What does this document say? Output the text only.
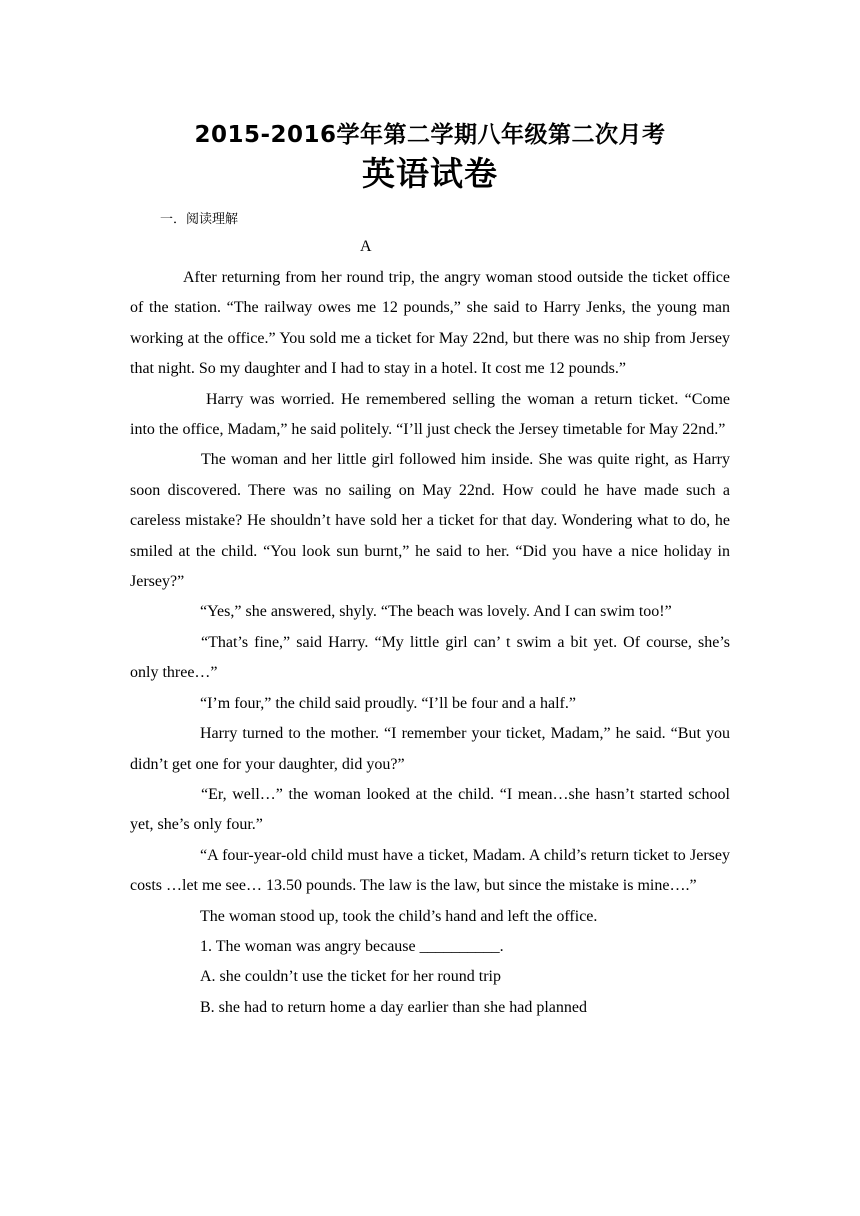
2015-2016学年第二学期八年级第二次月考
英语试卷
一．阅读理解
A

After returning from her round trip, the angry woman stood outside the ticket office of the station. “The railway owes me 12 pounds,” she said to Harry Jenks, the young man working at the office.” You sold me a ticket for May 22nd, but there was no ship from Jersey that night. So my daughter and I had to stay in a hotel. It cost me 12 pounds.”

Harry was worried. He remembered selling the woman a return ticket. “Come into the office, Madam,” he said politely. “I’ll just check the Jersey timetable for May 22nd.”

The woman and her little girl followed him inside. She was quite right, as Harry soon discovered. There was no sailing on May 22nd. How could he have made such a careless mistake? He shouldn’t have sold her a ticket for that day. Wondering what to do, he smiled at the child. “You look sun burnt,” he said to her. “Did you have a nice holiday in Jersey?”

“Yes,” she answered, shyly. “The beach was lovely. And I can swim too!”

“That’s fine,” said Harry. “My little girl can’ t swim a bit yet. Of course, she’s only three…”

“I’m four,” the child said proudly. “I’ll be four and a half.”

Harry turned to the mother. “I remember your ticket, Madam,” he said. “But you didn’t get one for your daughter, did you?”

“Er, well…” the woman looked at the child. “I mean…she hasn’t started school yet, she’s only four.”

“A four-year-old child must have a ticket, Madam. A child’s return ticket to Jersey costs …let me see… 13.50 pounds. The law is the law, but since the mistake is mine….”

The woman stood up, took the child’s hand and left the office.

1. The woman was angry because __________.

A. she couldn’t use the ticket for her round trip

B. she had to return home a day earlier than she had planned
